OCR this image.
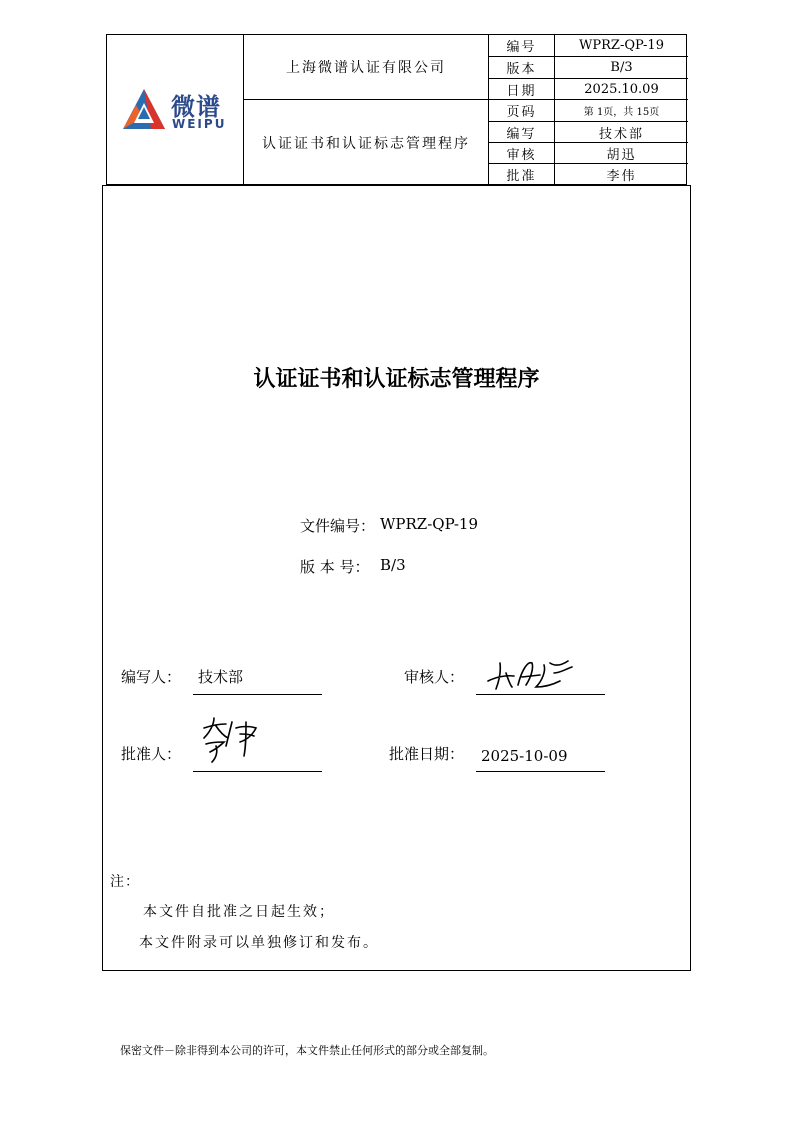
微谱
WEIPU
上海微谱认证有限公司
认证证书和认证标志管理程序
编号	WPRZ-QP-19
版本	B/3
日期	2025.10.09
页码	第 1页，共 15页
编写	技术部
审核	胡迅
批准	李伟
认证证书和认证标志管理程序
文件编号： WPRZ-QP-19
版 本 号： B/3
编写人： 技术部	审核人：
批准人：	批准日期： 2025-10-09
注：
本文件自批准之日起生效；
本文件附录可以单独修订和发布。
保密文件－除非得到本公司的许可，本文件禁止任何形式的部分或全部复制。
